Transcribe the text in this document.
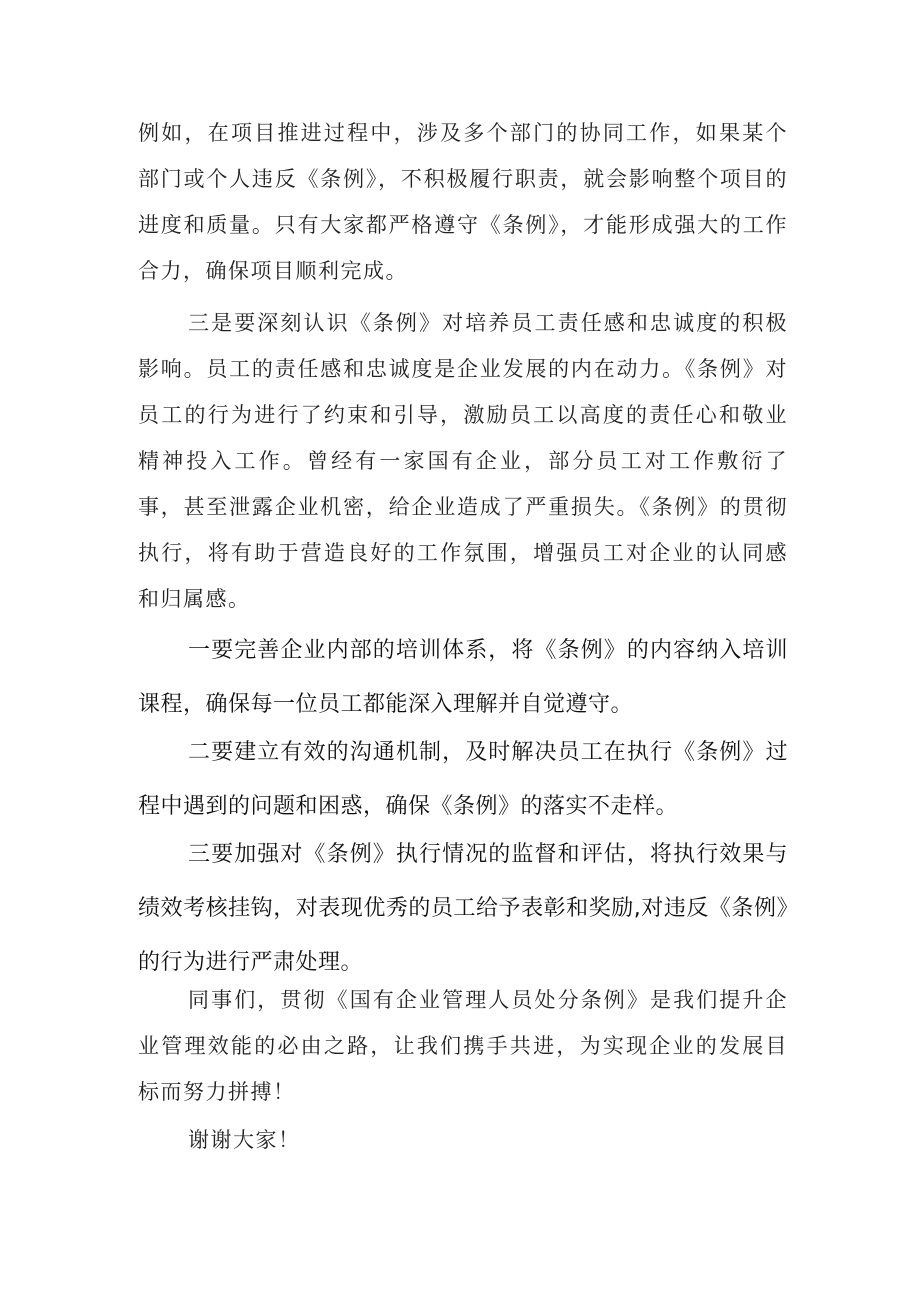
例如，在项目推进过程中，涉及多个部门的协同工作，如果某个部门或个人违反《条例》，不积极履行职责，就会影响整个项目的进度和质量。只有大家都严格遵守《条例》，才能形成强大的工作合力，确保项目顺利完成。

三是要深刻认识《条例》对培养员工责任感和忠诚度的积极影响。员工的责任感和忠诚度是企业发展的内在动力。《条例》对员工的行为进行了约束和引导，激励员工以高度的责任心和敬业精神投入工作。曾经有一家国有企业，部分员工对工作敷衍了事，甚至泄露企业机密，给企业造成了严重损失。《条例》的贯彻执行，将有助于营造良好的工作氛围，增强员工对企业的认同感和归属感。

一要完善企业内部的培训体系，将《条例》的内容纳入培训课程，确保每一位员工都能深入理解并自觉遵守。

二要建立有效的沟通机制，及时解决员工在执行《条例》过程中遇到的问题和困惑，确保《条例》的落实不走样。

三要加强对《条例》执行情况的监督和评估，将执行效果与绩效考核挂钩，对表现优秀的员工给予表彰和奖励,对违反《条例》的行为进行严肃处理。

同事们，贯彻《国有企业管理人员处分条例》是我们提升企业管理效能的必由之路，让我们携手共进，为实现企业的发展目标而努力拼搏！

谢谢大家！
